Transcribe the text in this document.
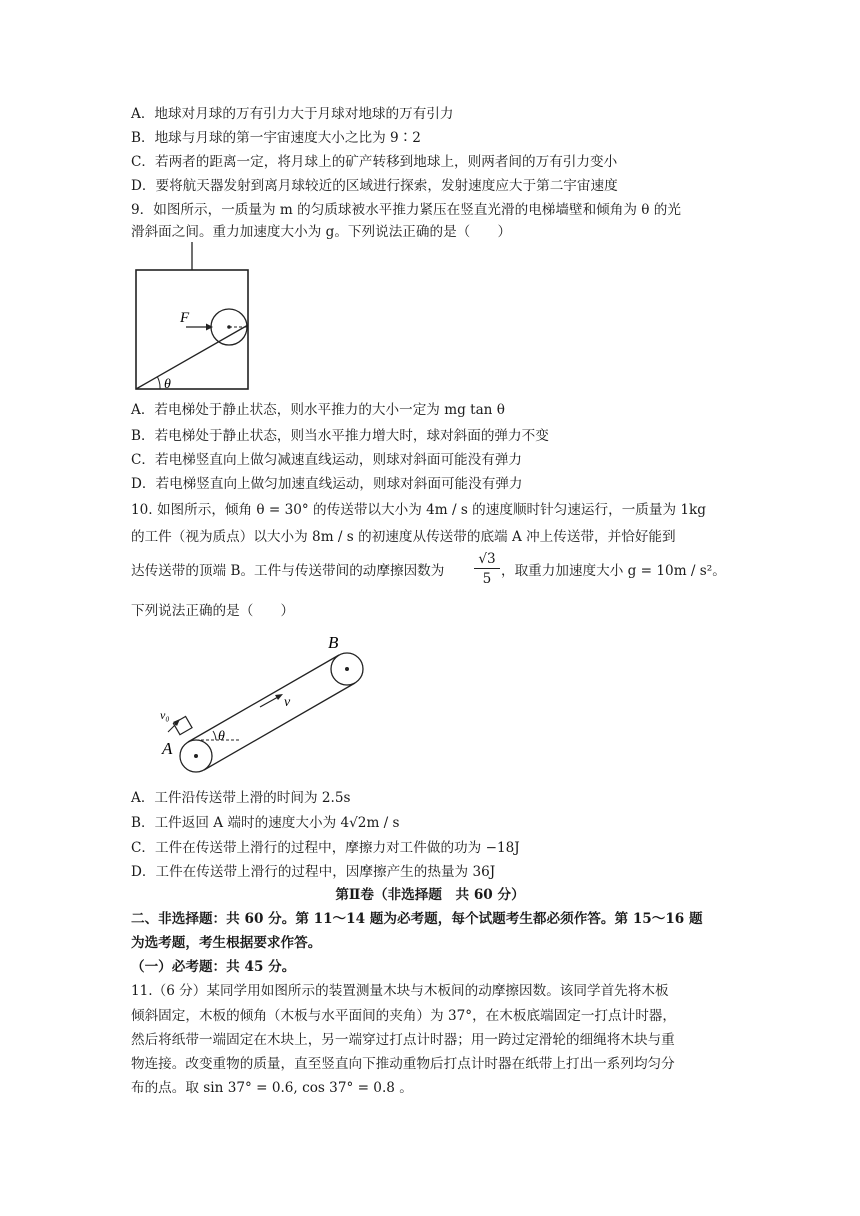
A．地球对月球的万有引力大于月球对地球的万有引力
B．地球与月球的第一宇宙速度大小之比为 9∶2
C．若两者的距离一定，将月球上的矿产转移到地球上，则两者间的万有引力变小
D．要将航天器发射到离月球较近的区域进行探索，发射速度应大于第二宇宙速度
9．如图所示，一质量为 m 的匀质球被水平推力紧压在竖直光滑的电梯墙壁和倾角为 θ 的光
滑斜面之间。重力加速度大小为 g。下列说法正确的是（　　）
F
θ
A．若电梯处于静止状态，则水平推力的大小一定为 mg tan θ
B．若电梯处于静止状态，则当水平推力增大时，球对斜面的弹力不变
C．若电梯竖直向上做匀减速直线运动，则球对斜面可能没有弹力
D．若电梯竖直向上做匀加速直线运动，则球对斜面可能没有弹力
10. 如图所示，倾角 θ = 30° 的传送带以大小为 4m / s 的速度顺时针匀速运行，一质量为 1kg
的工件（视为质点）以大小为 8m / s 的初速度从传送带的底端 A 冲上传送带，并恰好能到
达传送带的顶端 B。工件与传送带间的动摩擦因数为 $\frac{√3}{5}$ ，取重力加速度大小 g = 10m / s²。
下列说法正确的是（　　）
θ
v₀
v
B
A
A．工件沿传送带上滑的时间为 2.5s
B．工件返回 A 端时的速度大小为 4√2m / s
C．工件在传送带上滑行的过程中，摩擦力对工件做的功为 −18J
D．工件在传送带上滑行的过程中，因摩擦产生的热量为 36J
第Ⅱ卷（非选择题　共 60 分）
二、非选择题：共 60 分。第 11～14 题为必考题，每个试题考生都必须作答。第 15～16 题
为选考题，考生根据要求作答。
（一）必考题：共 45 分。
11.（6 分）某同学用如图所示的装置测量木块与木板间的动摩擦因数。该同学首先将木板
倾斜固定，木板的倾角（木板与水平面间的夹角）为 37°，在木板底端固定一打点计时器，
然后将纸带一端固定在木块上，另一端穿过打点计时器；用一跨过定滑轮的细绳将木块与重
物连接。改变重物的质量，直至竖直向下推动重物后打点计时器在纸带上打出一系列均匀分
布的点。取 sin 37° = 0.6, cos 37° = 0.8 。
